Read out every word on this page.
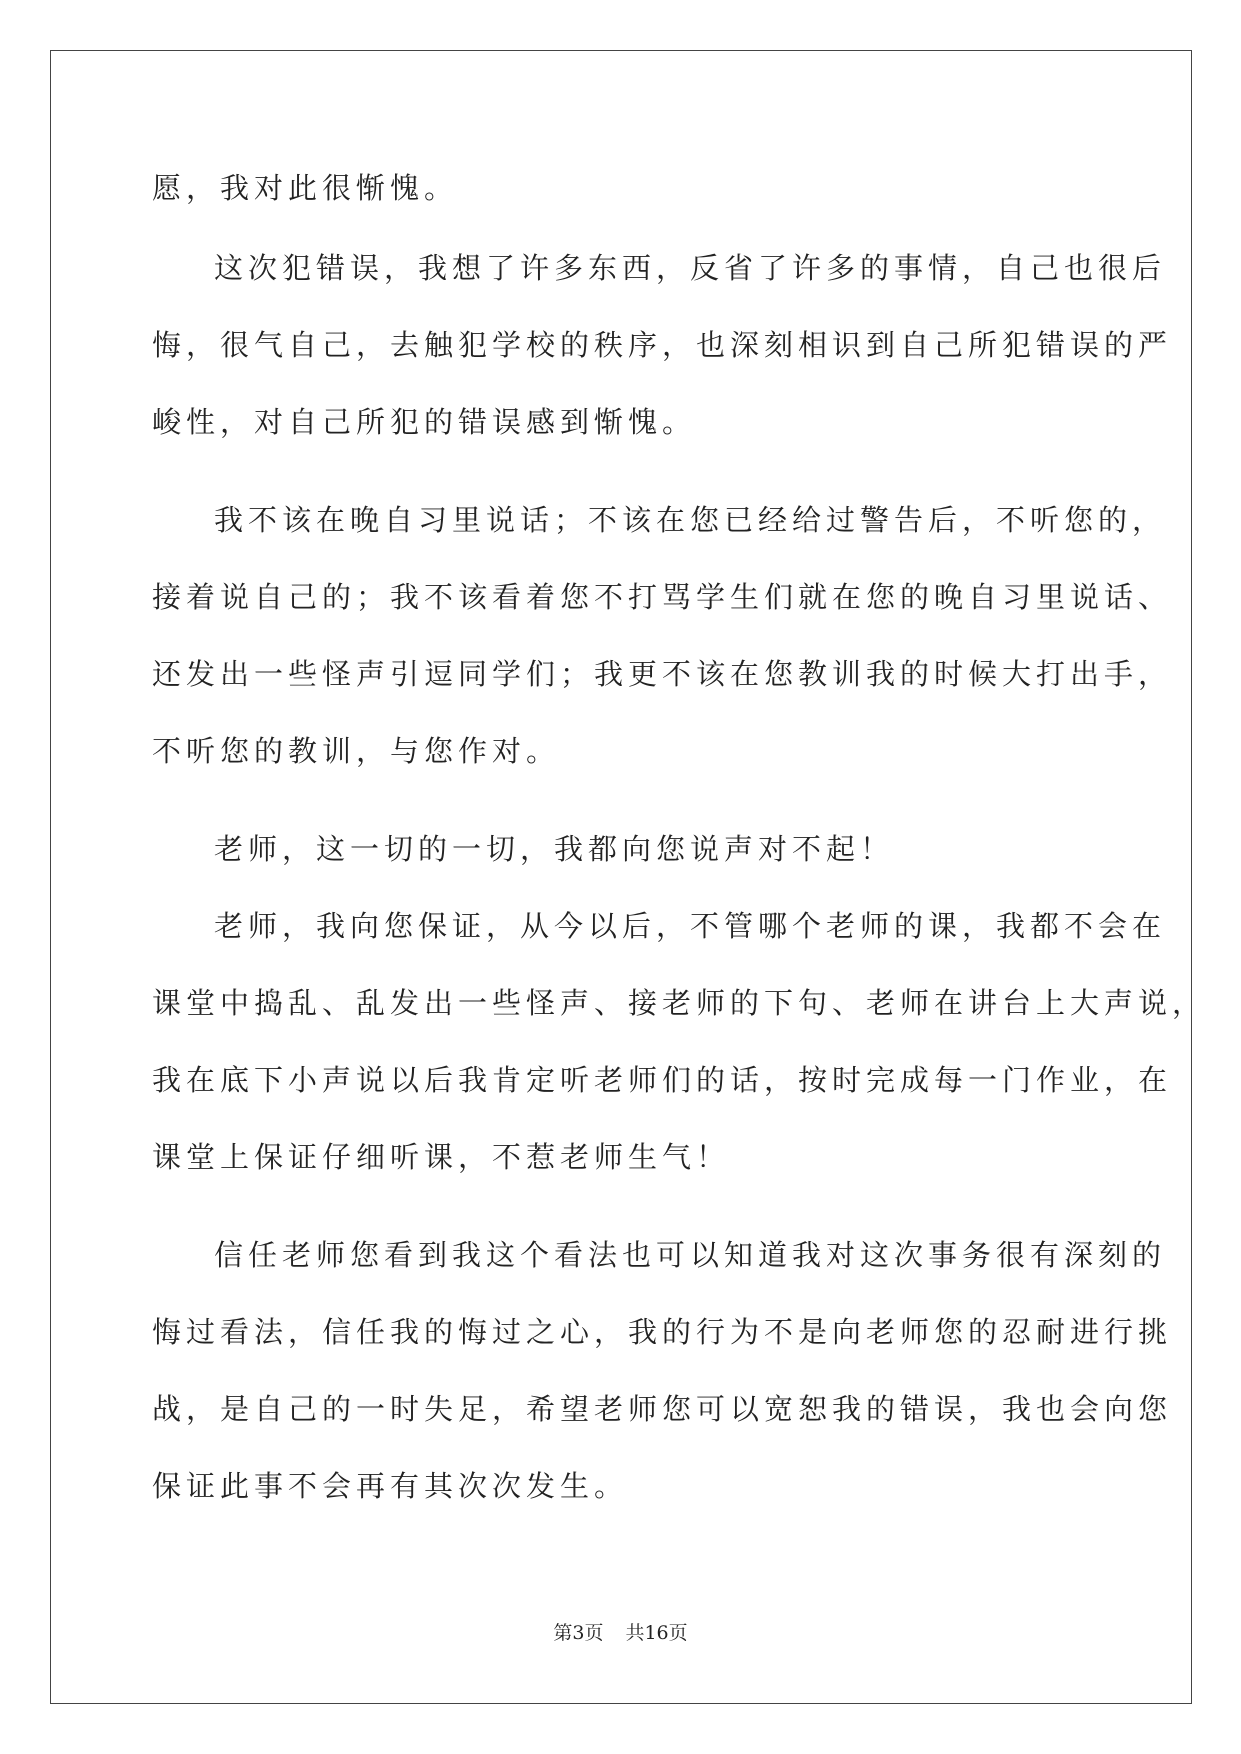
愿，我对此很惭愧。
这次犯错误，我想了许多东西，反省了许多的事情，自己也很后
悔，很气自己，去触犯学校的秩序，也深刻相识到自己所犯错误的严
峻性，对自己所犯的错误感到惭愧。
我不该在晚自习里说话；不该在您已经给过警告后，不听您的，
接着说自己的；我不该看着您不打骂学生们就在您的晚自习里说话、
还发出一些怪声引逗同学们；我更不该在您教训我的时候大打出手，
不听您的教训，与您作对。
老师，这一切的一切，我都向您说声对不起！
老师，我向您保证，从今以后，不管哪个老师的课，我都不会在
课堂中捣乱、乱发出一些怪声、接老师的下句、老师在讲台上大声说，
我在底下小声说以后我肯定听老师们的话，按时完成每一门作业，在
课堂上保证仔细听课，不惹老师生气！
信任老师您看到我这个看法也可以知道我对这次事务很有深刻的
悔过看法，信任我的悔过之心，我的行为不是向老师您的忍耐进行挑
战，是自己的一时失足，希望老师您可以宽恕我的错误，我也会向您
保证此事不会再有其次次发生。
第3页 共16页
